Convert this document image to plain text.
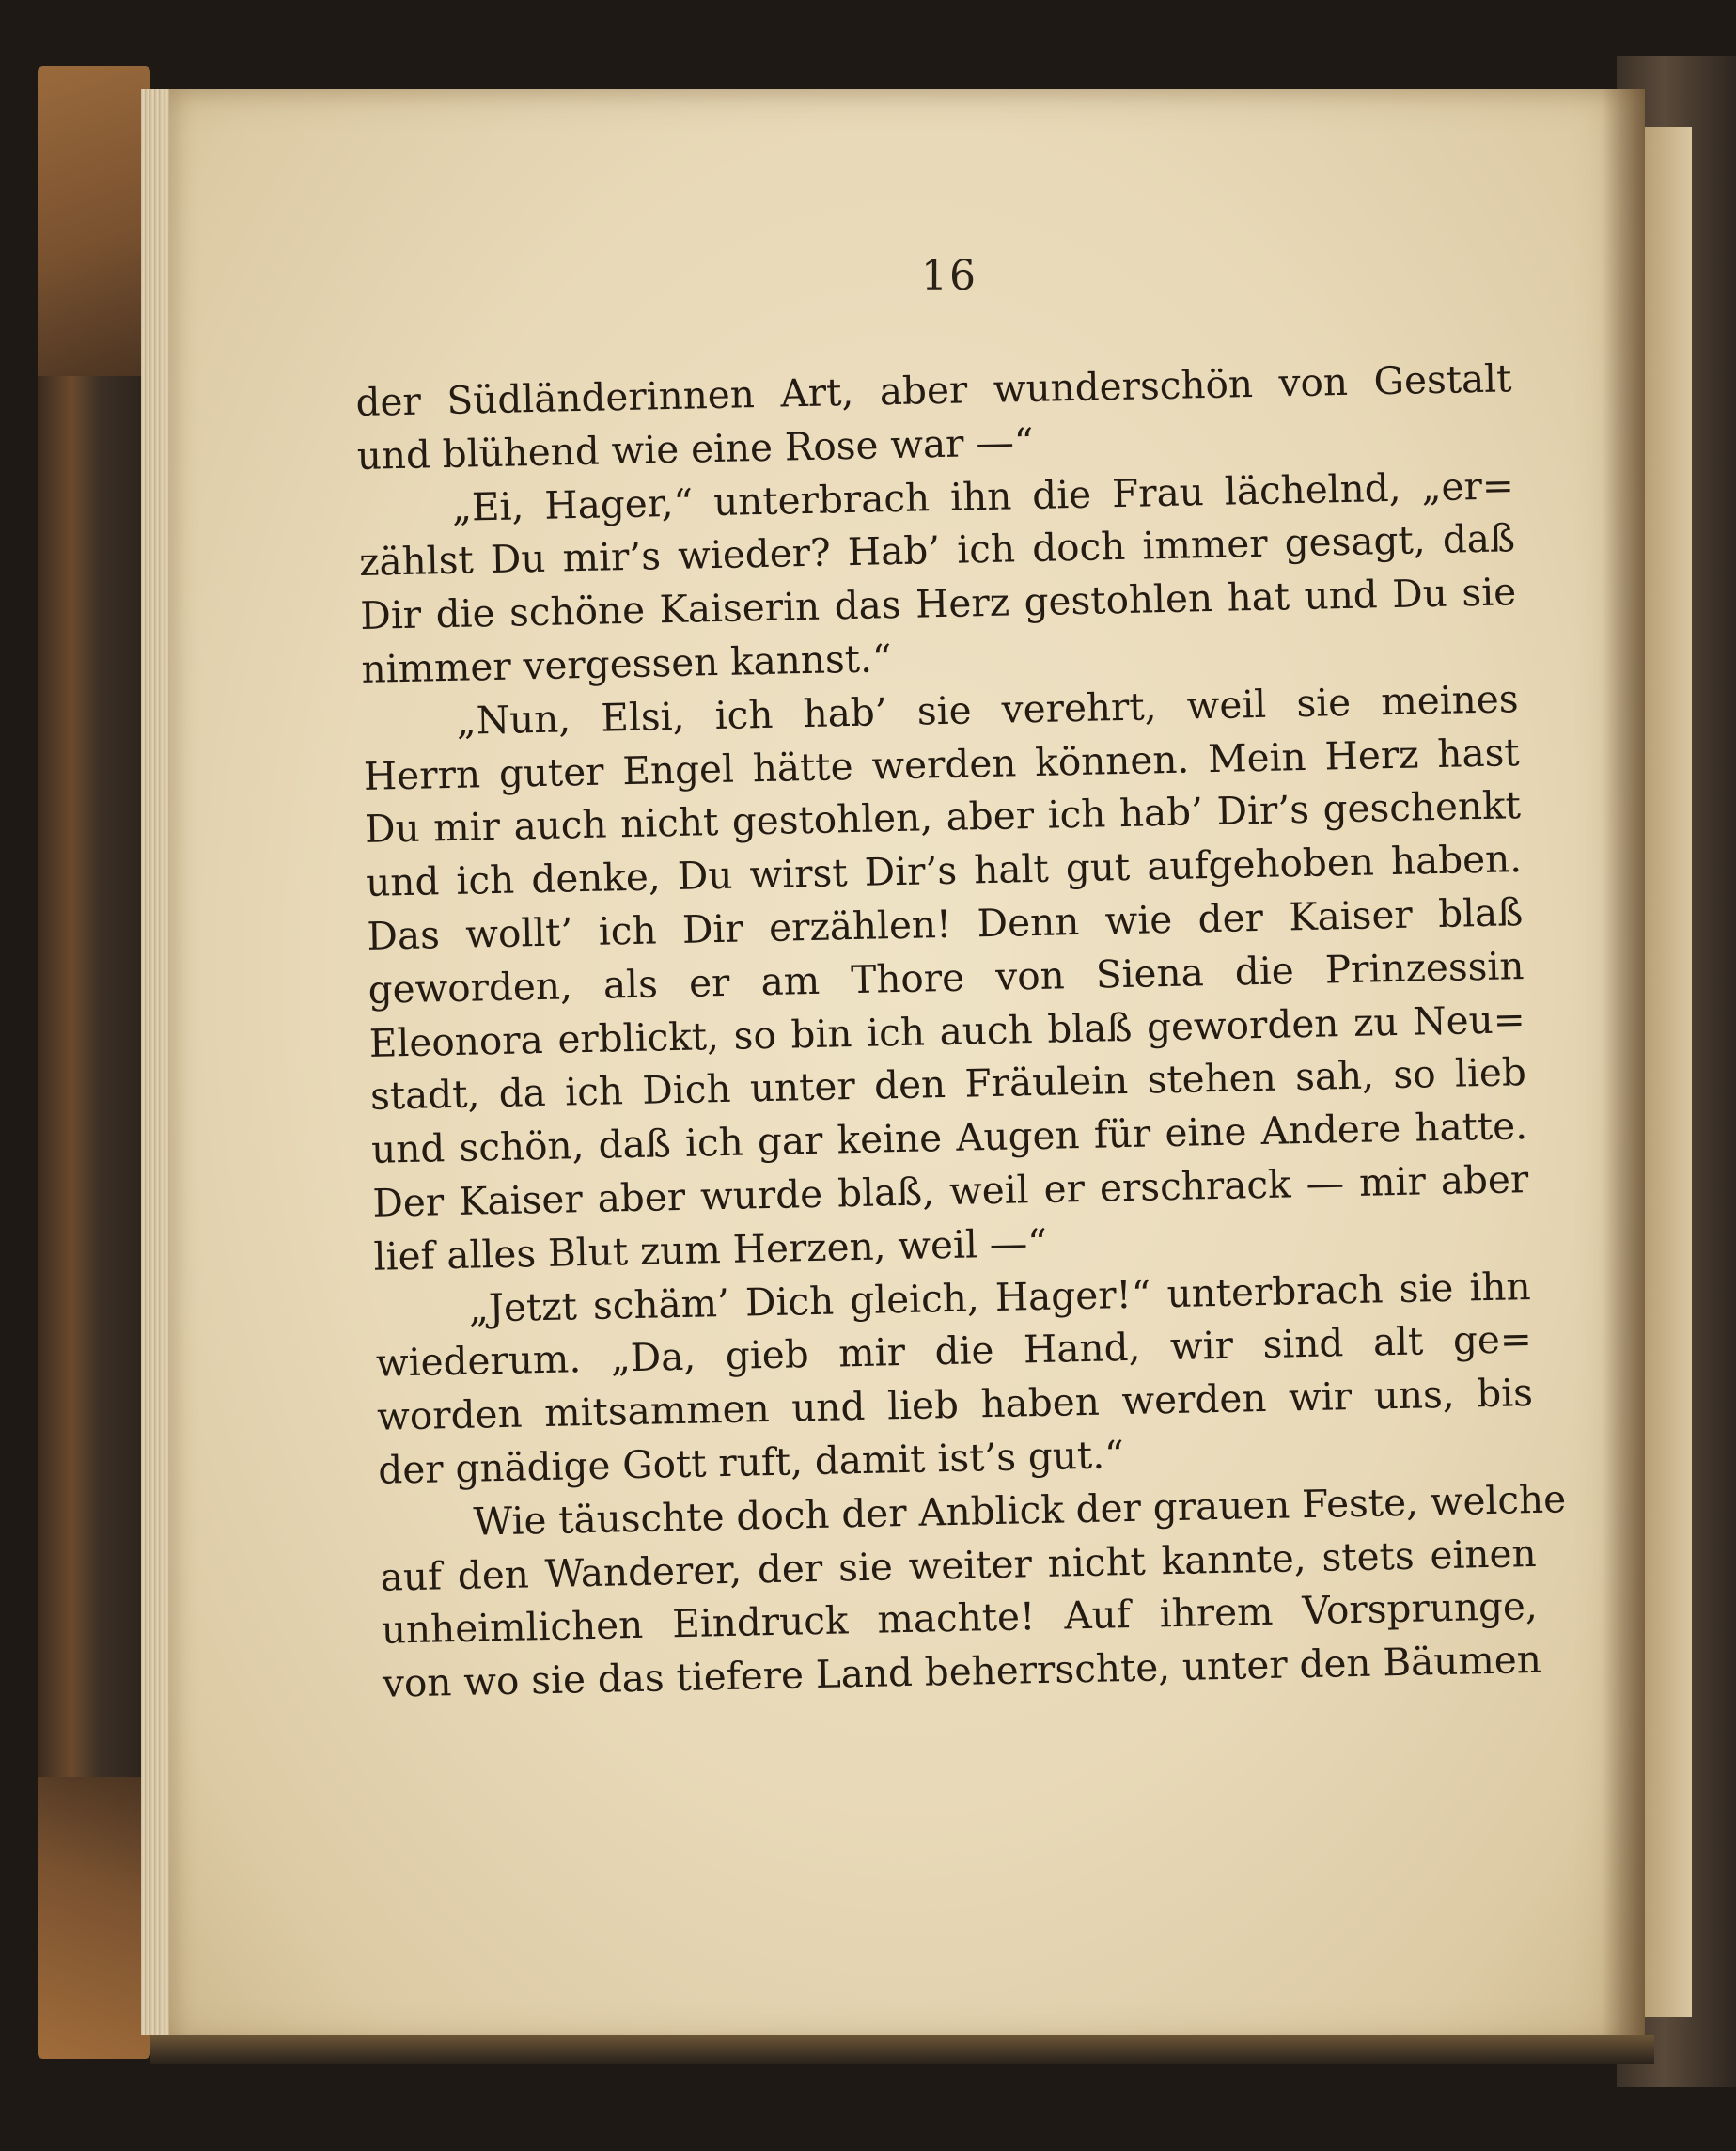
16
der Südländerinnen Art, aber wunderschön von Gestalt
und blühend wie eine Rose war —“
„Ei, Hager,“ unterbrach ihn die Frau lächelnd, „er=
zählst Du mir’s wieder? Hab’ ich doch immer gesagt, daß
Dir die schöne Kaiserin das Herz gestohlen hat und Du sie
nimmer vergessen kannst.“
„Nun, Elsi, ich hab’ sie verehrt, weil sie meines
Herrn guter Engel hätte werden können. Mein Herz hast
Du mir auch nicht gestohlen, aber ich hab’ Dir’s geschenkt
und ich denke, Du wirst Dir’s halt gut aufgehoben haben.
Das wollt’ ich Dir erzählen! Denn wie der Kaiser blaß
geworden, als er am Thore von Siena die Prinzessin
Eleonora erblickt, so bin ich auch blaß geworden zu Neu=
stadt, da ich Dich unter den Fräulein stehen sah, so lieb
und schön, daß ich gar keine Augen für eine Andere hatte.
Der Kaiser aber wurde blaß, weil er erschrack — mir aber
lief alles Blut zum Herzen, weil —“
„Jetzt schäm’ Dich gleich, Hager!“ unterbrach sie ihn
wiederum. „Da, gieb mir die Hand, wir sind alt ge=
worden mitsammen und lieb haben werden wir uns, bis
der gnädige Gott ruft, damit ist’s gut.“
Wie täuschte doch der Anblick der grauen Feste, welche
auf den Wanderer, der sie weiter nicht kannte, stets einen
unheimlichen Eindruck machte! Auf ihrem Vorsprunge,
von wo sie das tiefere Land beherrschte, unter den Bäumen
